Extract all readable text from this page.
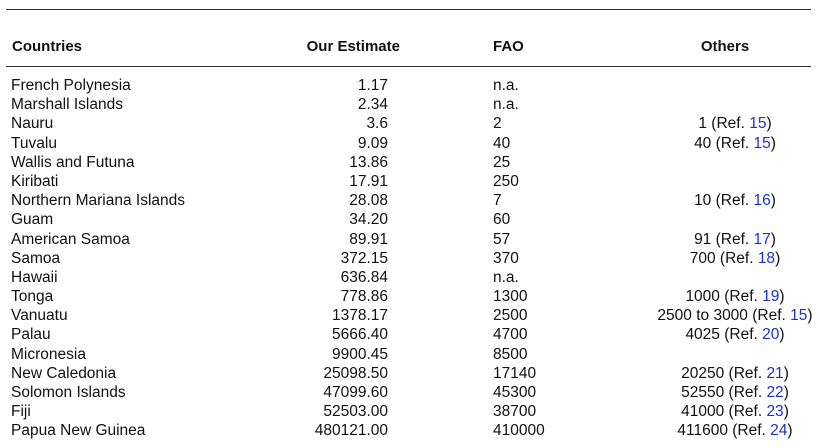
Countries	Our Estimate	FAO	Others
French Polynesia	1.17	n.a.
Marshall Islands	2.34	n.a.
Nauru	3.6	2	1 (Ref. 15)
Tuvalu	9.09	40	40 (Ref. 15)
Wallis and Futuna	13.86	25
Kiribati	17.91	250
Northern Mariana Islands	28.08	7	10 (Ref. 16)
Guam	34.20	60
American Samoa	89.91	57	91 (Ref. 17)
Samoa	372.15	370	700 (Ref. 18)
Hawaii	636.84	n.a.
Tonga	778.86	1300	1000 (Ref. 19)
Vanuatu	1378.17	2500	2500 to 3000 (Ref. 15)
Palau	5666.40	4700	4025 (Ref. 20)
Micronesia	9900.45	8500
New Caledonia	25098.50	17140	20250 (Ref. 21)
Solomon Islands	47099.60	45300	52550 (Ref. 22)
Fiji	52503.00	38700	41000 (Ref. 23)
Papua New Guinea	480121.00	410000	411600 (Ref. 24)
